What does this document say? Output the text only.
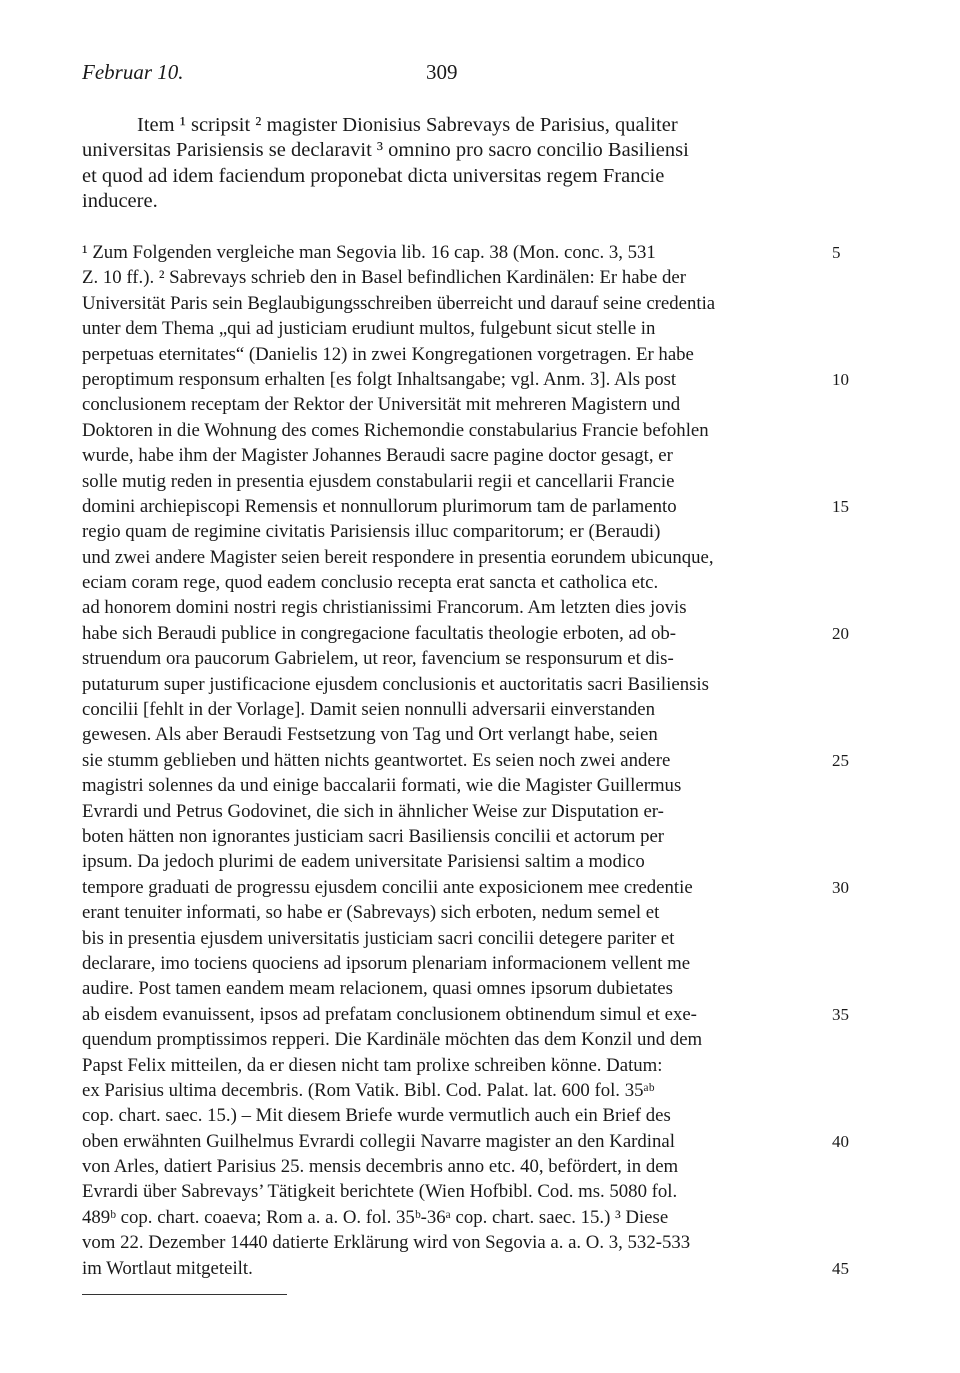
Februar 10.	309
Item ¹ scripsit ² magister Dionisius Sabrevays de Parisius, qualiter
universitas Parisiensis se declaravit ³ omnino pro sacro concilio Basiliensi
et quod ad idem faciendum proponebat dicta universitas regem Francie
inducere.
¹ Zum Folgenden vergleiche man Segovia lib. 16 cap. 38 (Mon. conc. 3, 531
Z. 10 ff.). ² Sabrevays schrieb den in Basel befindlichen Kardinälen: Er habe der
Universität Paris sein Beglaubigungsschreiben überreicht und darauf seine credentia
unter dem Thema „qui ad justiciam erudiunt multos, fulgebunt sicut stelle in
perpetuas eternitates“ (Danielis 12) in zwei Kongregationen vorgetragen. Er habe
peroptimum responsum erhalten [es folgt Inhaltsangabe; vgl. Anm. 3]. Als post
conclusionem receptam der Rektor der Universität mit mehreren Magistern und
Doktoren in die Wohnung des comes Richemondie constabularius Francie befohlen
wurde, habe ihm der Magister Johannes Beraudi sacre pagine doctor gesagt, er
solle mutig reden in presentia ejusdem constabularii regii et cancellarii Francie
domini archiepiscopi Remensis et nonnullorum plurimorum tam de parlamento
regio quam de regimine civitatis Parisiensis illuc comparitorum; er (Beraudi)
und zwei andere Magister seien bereit respondere in presentia eorundem ubicunque,
eciam coram rege, quod eadem conclusio recepta erat sancta et catholica etc.
ad honorem domini nostri regis christianissimi Francorum. Am letzten dies jovis
habe sich Beraudi publice in congregacione facultatis theologie erboten, ad ob-
struendum ora paucorum Gabrielem, ut reor, favencium se responsurum et dis-
putaturum super justificacione ejusdem conclusionis et auctoritatis sacri Basiliensis
concilii [fehlt in der Vorlage]. Damit seien nonnulli adversarii einverstanden
gewesen. Als aber Beraudi Festsetzung von Tag und Ort verlangt habe, seien
sie stumm geblieben und hätten nichts geantwortet. Es seien noch zwei andere
magistri solennes da und einige baccalarii formati, wie die Magister Guillermus
Evrardi und Petrus Godovinet, die sich in ähnlicher Weise zur Disputation er-
boten hätten non ignorantes justiciam sacri Basiliensis concilii et actorum per
ipsum. Da jedoch plurimi de eadem universitate Parisiensi saltim a modico
tempore graduati de progressu ejusdem concilii ante exposicionem mee credentie
erant tenuiter informati, so habe er (Sabrevays) sich erboten, nedum semel et
bis in presentia ejusdem universitatis justiciam sacri concilii detegere pariter et
declarare, imo tociens quociens ad ipsorum plenariam informacionem vellent me
audire. Post tamen eandem meam relacionem, quasi omnes ipsorum dubietates
ab eisdem evanuissent, ipsos ad prefatam conclusionem obtinendum simul et exe-
quendum promptissimos repperi. Die Kardinäle möchten das dem Konzil und dem
Papst Felix mitteilen, da er diesen nicht tam prolixe schreiben könne. Datum:
ex Parisius ultima decembris. (Rom Vatik. Bibl. Cod. Palat. lat. 600 fol. 35ᵃᵇ
cop. chart. saec. 15.) – Mit diesem Briefe wurde vermutlich auch ein Brief des
oben erwähnten Guilhelmus Evrardi collegii Navarre magister an den Kardinal
von Arles, datiert Parisius 25. mensis decembris anno etc. 40, befördert, in dem
Evrardi über Sabrevays’ Tätigkeit berichtete (Wien Hofbibl. Cod. ms. 5080 fol.
489ᵇ cop. chart. coaeva; Rom a. a. O. fol. 35ᵇ-36ᵃ cop. chart. saec. 15.) ³ Diese
vom 22. Dezember 1440 datierte Erklärung wird von Segovia a. a. O. 3, 532-533
im Wortlaut mitgeteilt.
5
10
15
20
25
30
35
40
45
